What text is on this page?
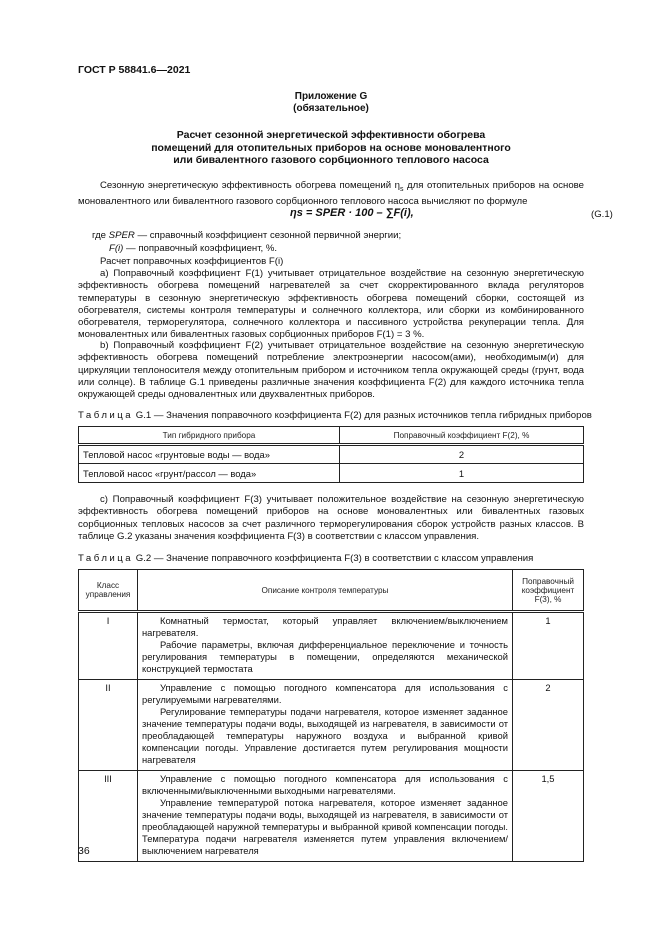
ГОСТ Р 58841.6—2021
Приложение G
(обязательное)
Расчет сезонной энергетической эффективности обогрева
помещений для отопительных приборов на основе моновалентного
или бивалентного газового сорбционного теплового насоса
Сезонную энергетическую эффективность обогрева помещений $\eta_s$ для отопительных приборов на основе моновалентного или бивалентного газового сорбционного теплового насоса вычисляют по формуле
ηs = SPER · 100 – ∑F(i),	(G.1)
где SPER — справочный коэффициент сезонной первичной энергии;
F(i) — поправочный коэффициент, %.
Расчет поправочных коэффициентов F(i)
a) Поправочный коэффициент F(1) учитывает отрицательное воздействие на сезонную энергетическую эффективность обогрева помещений нагревателей за счет скорректированного вклада регуляторов температуры в сезонную энергетическую эффективность обогрева помещений сборки, состоящей из обогревателя, системы контроля температуры и солнечного коллектора, или сборки из комбинированного обогревателя, терморегулятора, солнечного коллектора и пассивного устройства рекуперации тепла. Для моновалентных или бивалентных газовых сорбционных приборов F(1) = 3 %.
b) Поправочный коэффициент F(2) учитывает отрицательное воздействие на сезонную энергетическую эффективность обогрева помещений потребление электроэнергии насосом(ами), необходимым(и) для циркуляции теплоносителя между отопительным прибором и источником тепла окружающей среды (грунт, вода или солнце). В таблице G.1 приведены различные значения коэффициента F(2) для каждого источника тепла окружающей среды одновалентных или двухвалентных приборов.
Таблица G.1 — Значения поправочного коэффициента F(2) для разных источников тепла гибридных приборов
Тип гибридного прибора	Поправочный коэффициент F(2), %
Тепловой насос «грунтовые воды — вода»	2
Тепловой насос «грунт/рассол — вода»	1
c) Поправочный коэффициент F(3) учитывает положительное воздействие на сезонную энергетическую эффективность обогрева помещений приборов на основе моновалентных или бивалентных газовых сорбционных тепловых насосов за счет различного терморегулирования сборок устройств разных классов. В таблице G.2 указаны значения коэффициента F(3) в соответствии с классом управления.
Таблица G.2 — Значение поправочного коэффициента F(3) в соответствии с классом управления
Класс управления	Описание контроля температуры	Поправочный коэффициент F(3), %
I	Комнатный термостат, который управляет включением/выключением нагревателя.
Рабочие параметры, включая дифференциальное переключение и точность регулирования температуры в помещении, определяются механической конструкцией термостата	1
II	Управление с помощью погодного компенсатора для использования с регулируемыми нагревателями.
Регулирование температуры подачи нагревателя, которое изменяет заданное значение температуры подачи воды, выходящей из нагревателя, в зависимости от преобладающей температуры наружного воздуха и выбранной кривой компенсации погоды. Управление достигается путем регулирования мощности нагревателя	2
III	Управление с помощью погодного компенсатора для использования с включенными/выключенными выходными нагревателями.
Управление температурой потока нагревателя, которое изменяет заданное значение температуры подачи воды, выходящей из нагревателя, в зависимости от преобладающей наружной температуры и выбранной кривой компенсации погоды. Температура подачи нагревателя изменяется путем управления включением/выключением нагревателя	1,5
36
